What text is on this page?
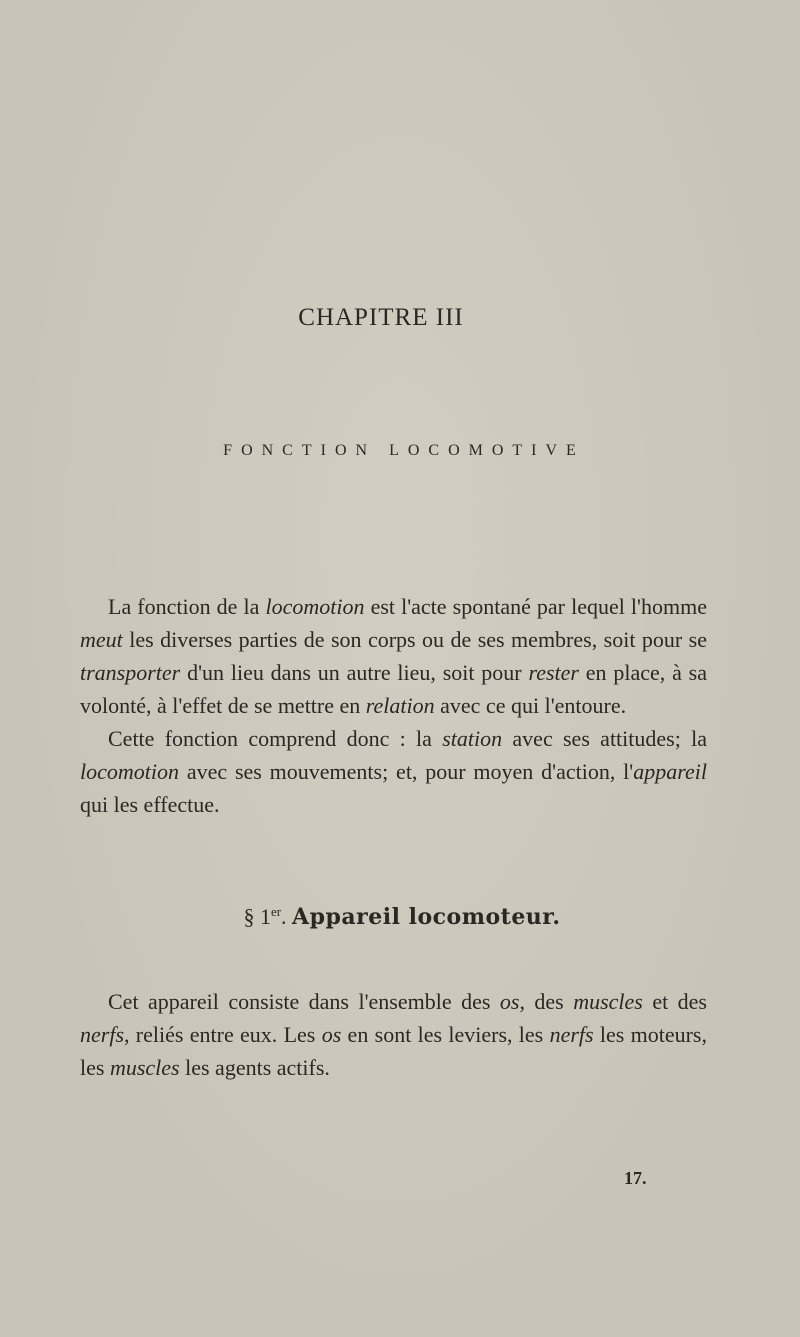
CHAPITRE III
FONCTION LOCOMOTIVE

La fonction de la locomotion est l'acte spontané par lequel l'homme meut les diverses parties de son corps ou de ses membres, soit pour se transporter d'un lieu dans un autre lieu, soit pour rester en place, à sa volonté, à l'effet de se mettre en relation avec ce qui l'entoure.

Cette fonction comprend donc : la station avec ses attitudes; la locomotion avec ses mouvements; et, pour moyen d'action, l'appareil qui les effectue.

§ 1er. Appareil locomoteur.

Cet appareil consiste dans l'ensemble des os, des muscles et des nerfs, reliés entre eux. Les os en sont les leviers, les nerfs les moteurs, les muscles les agents actifs.

17.
